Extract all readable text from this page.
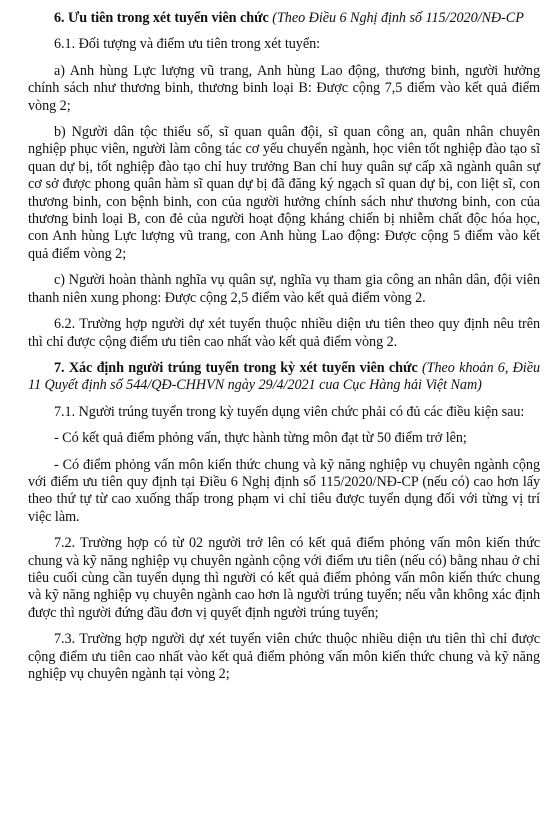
6. Ưu tiên trong xét tuyển viên chức (Theo Điều 6 Nghị định số 115/2020/NĐ-CP

6.1. Đối tượng và điểm ưu tiên trong xét tuyển:

a) Anh hùng Lực lượng vũ trang, Anh hùng Lao động, thương binh, người hưởng chính sách như thương binh, thương binh loại B: Được cộng 7,5 điểm vào kết quả điểm vòng 2;

b) Người dân tộc thiểu số, sĩ quan quân đội, sĩ quan công an, quân nhân chuyên nghiệp phục viên, người làm công tác cơ yếu chuyển ngành, học viên tốt nghiệp đào tạo sĩ quan dự bị, tốt nghiệp đào tạo chỉ huy trưởng Ban chỉ huy quân sự cấp xã ngành quân sự cơ sở được phong quân hàm sĩ quan dự bị đã đăng ký ngạch sĩ quan dự bị, con liệt sĩ, con thương binh, con bệnh binh, con của người hưởng chính sách như thương binh, con của thương binh loại B, con đẻ của người hoạt động kháng chiến bị nhiễm chất độc hóa học, con Anh hùng Lực lượng vũ trang, con Anh hùng Lao động: Được cộng 5 điểm vào kết quả điểm vòng 2;

c) Người hoàn thành nghĩa vụ quân sự, nghĩa vụ tham gia công an nhân dân, đội viên thanh niên xung phong: Được cộng 2,5 điểm vào kết quả điểm vòng 2.

6.2. Trường hợp người dự xét tuyển thuộc nhiều diện ưu tiên theo quy định nêu trên thì chỉ được cộng điểm ưu tiên cao nhất vào kết quả điểm vòng 2.

7. Xác định người trúng tuyển trong kỳ xét tuyển viên chức (Theo khoản 6, Điều 11 Quyết định số 544/QĐ-CHHVN ngày 29/4/2021 cua Cục Hàng hải Việt Nam)

7.1. Người trúng tuyển trong kỳ tuyển dụng viên chức phải có đủ các điều kiện sau:

- Có kết quả điểm phỏng vấn, thực hành từng môn đạt từ 50 điểm trở lên;

- Có điểm phỏng vấn môn kiến thức chung và kỹ năng nghiệp vụ chuyên ngành cộng với điểm ưu tiên quy định tại Điều 6 Nghị định số 115/2020/NĐ-CP (nếu có) cao hơn lấy theo thứ tự từ cao xuống thấp trong phạm vi chỉ tiêu được tuyển dụng đối với từng vị trí việc làm.

7.2. Trường hợp có từ 02 người trở lên có kết quả điểm phỏng vấn môn kiến thức chung và kỹ năng nghiệp vụ chuyên ngành cộng với điểm ưu tiên (nếu có) bằng nhau ở chỉ tiêu cuối cùng cần tuyển dụng thì người có kết quả điểm phỏng vấn môn kiến thức chung và kỹ năng nghiệp vụ chuyên ngành cao hơn là người trúng tuyển; nếu vẫn không xác định được thì người đứng đầu đơn vị quyết định người trúng tuyển;

7.3. Trường hợp người dự xét tuyển viên chức thuộc nhiều diện ưu tiên thì chỉ được cộng điểm ưu tiên cao nhất vào kết quả điểm phỏng vấn môn kiến thức chung và kỹ năng nghiệp vụ chuyên ngành tại vòng 2;
